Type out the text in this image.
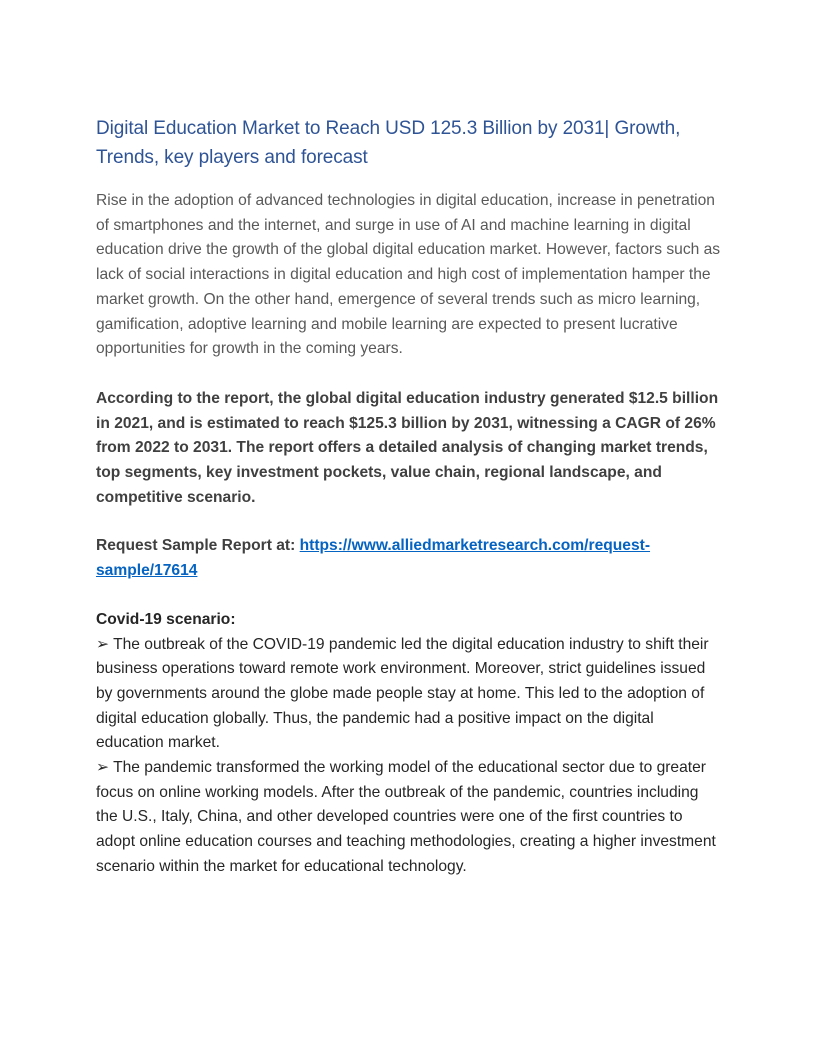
Digital Education Market to Reach USD 125.3 Billion by 2031| Growth, Trends, key players and forecast

Rise in the adoption of advanced technologies in digital education, increase in penetration of smartphones and the internet, and surge in use of AI and machine learning in digital education drive the growth of the global digital education market. However, factors such as lack of social interactions in digital education and high cost of implementation hamper the market growth. On the other hand, emergence of several trends such as micro learning, gamification, adoptive learning and mobile learning are expected to present lucrative opportunities for growth in the coming years.

According to the report, the global digital education industry generated $12.5 billion in 2021, and is estimated to reach $125.3 billion by 2031, witnessing a CAGR of 26% from 2022 to 2031. The report offers a detailed analysis of changing market trends, top segments, key investment pockets, value chain, regional landscape, and competitive scenario.

Request Sample Report at: https://www.alliedmarketresearch.com/request-sample/17614

Covid-19 scenario:

➢ The outbreak of the COVID-19 pandemic led the digital education industry to shift their business operations toward remote work environment. Moreover, strict guidelines issued by governments around the globe made people stay at home. This led to the adoption of digital education globally. Thus, the pandemic had a positive impact on the digital education market.

➢ The pandemic transformed the working model of the educational sector due to greater focus on online working models. After the outbreak of the pandemic, countries including the U.S., Italy, China, and other developed countries were one of the first countries to adopt online education courses and teaching methodologies, creating a higher investment scenario within the market for educational technology.
